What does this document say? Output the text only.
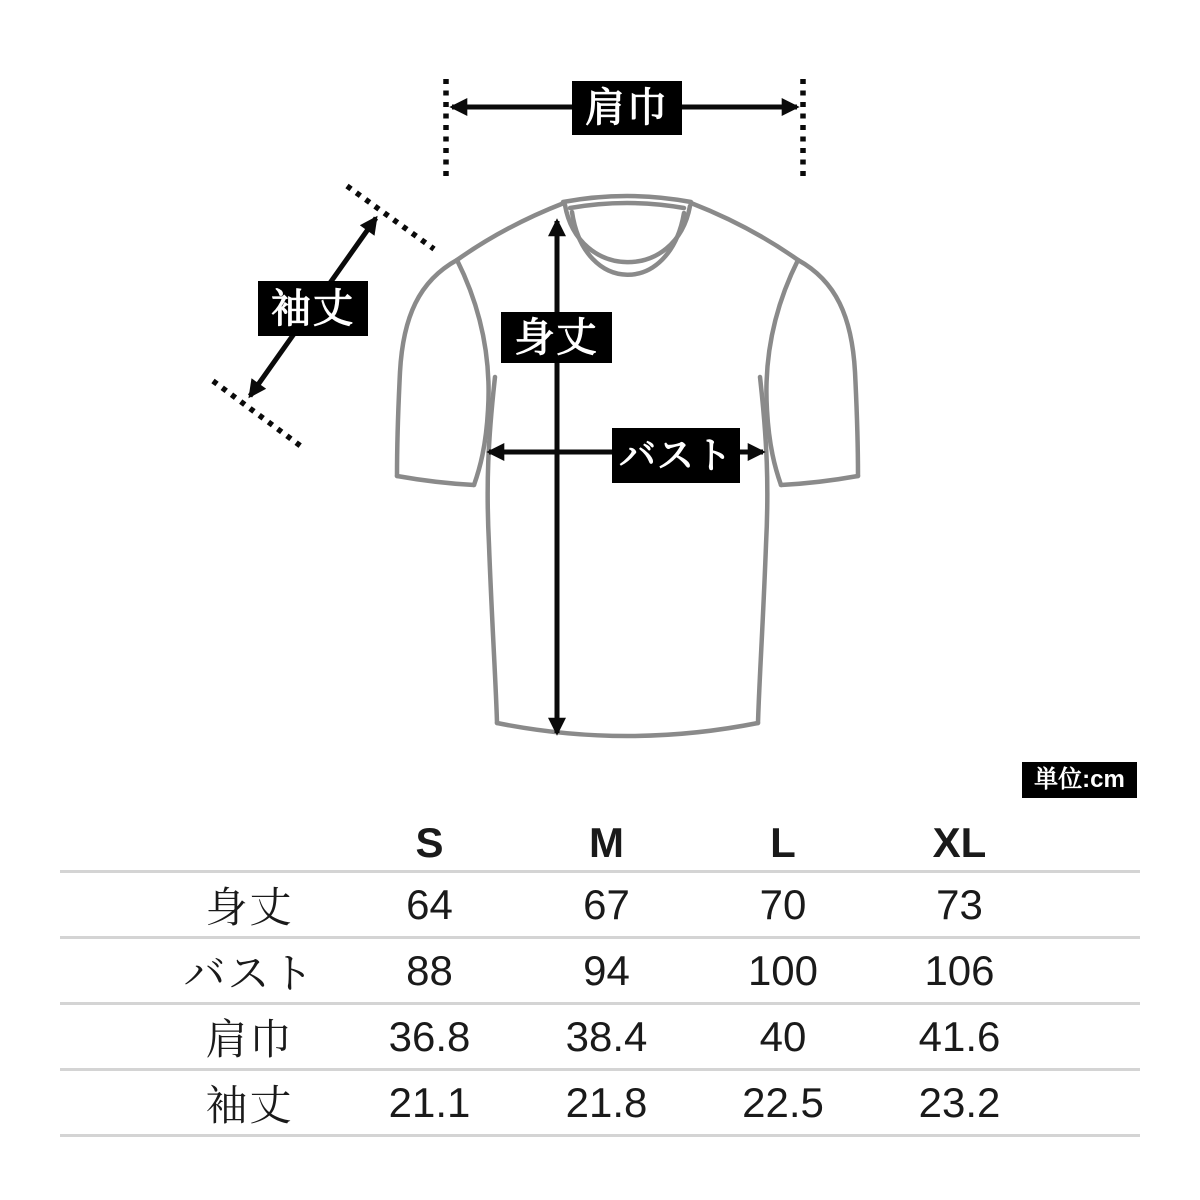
肩巾
袖丈
身丈
バスト
単位:cm
	S	M	L	XL	
身丈	64	67	70	73	
バスト	88	94	100	106	
肩巾	36.8	38.4	40	41.6	
袖丈	21.1	21.8	22.5	23.2	
